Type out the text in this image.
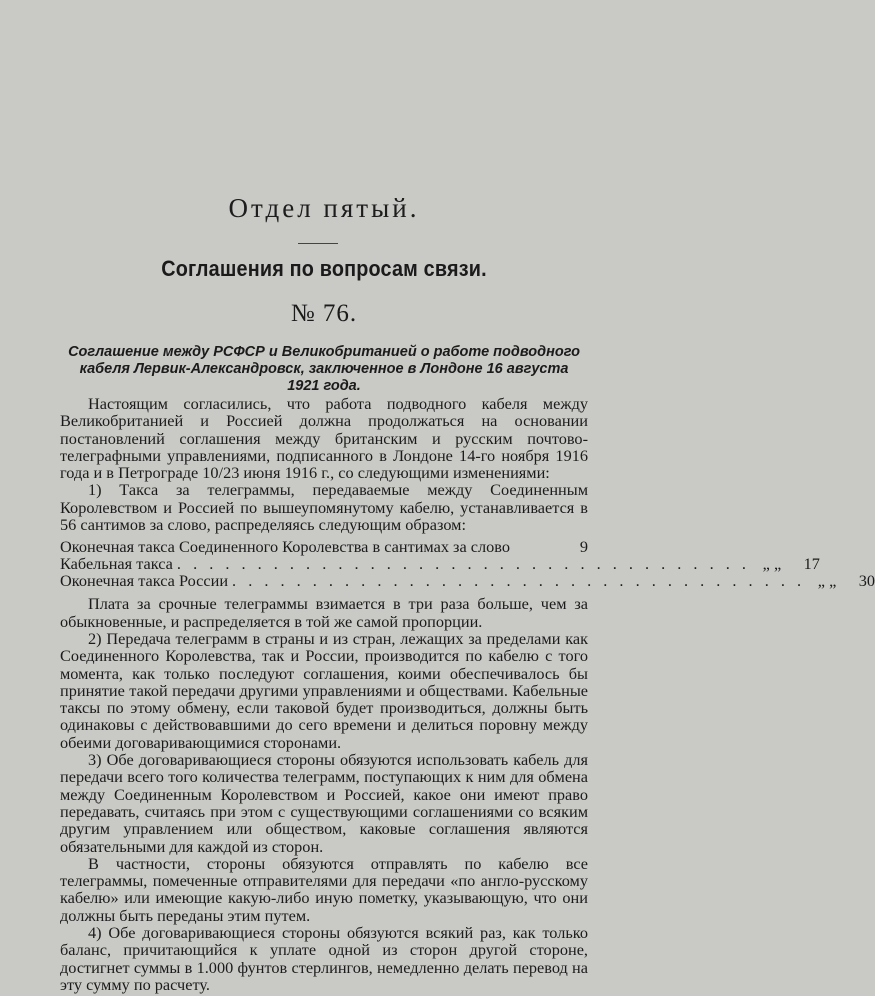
Отдел пятый.
Соглашения по вопросам связи.
№ 76.
Соглашение между РСФСР и Великобританией о работе подводного
кабеля Лервик-Александровск, заключенное в Лондоне 16 августа
1921 года.

Настоящим согласились, что работа подводного кабеля между Великобританией и Россией должна продолжаться на основании постановлений соглашения между британским и русским почтово-телеграфными управлениями, подписанного в Лондоне 14-го ноября 1916 года и в Петрограде 10/23 июня 1916 г., со следующими изменениями:

1) Такса за телеграммы, передаваемые между Соединенным Королевством и Россией по вышеупомянутому кабелю, устанавливается в 56 сантимов за слово, распределяясь следующим образом:

Оконечная такса Соединенного Королевства в сантимах за слово	9
Кабельная такса . . . . . . . . . . . . . . . . . . . . . . . . . . . . . . . . . . . . „ „	17
Оконечная такса России . . . . . . . . . . . . . . . . . . . . . . . . . . . . . . . . . . . . „ „	30

Плата за срочные телеграммы взимается в три раза больше, чем за обыкновенные, и распределяется в той же самой пропорции.

2) Передача телеграмм в страны и из стран, лежащих за пределами как Соединенного Королевства, так и России, производится по кабелю с того момента, как только последуют соглашения, коими обеспечивалось бы принятие такой передачи другими управлениями и обществами. Кабельные таксы по этому обмену, если таковой будет производиться, должны быть одинаковы с действовавшими до сего времени и делиться поровну между обеими договаривающимися сторонами.

3) Обе договаривающиеся стороны обязуются использовать кабель для передачи всего того количества телеграмм, поступающих к ним для обмена между Соединенным Королевством и Россией, какое они имеют право передавать, считаясь при этом с существующими соглашениями со всяким другим управлением или обществом, каковые соглашения являются обязательными для каждой из сторон.

В частности, стороны обязуются отправлять по кабелю все телеграммы, помеченные отправителями для передачи «по англо-русскому кабелю» или имеющие какую-либо иную пометку, указывающую, что они должны быть переданы этим путем.

4) Обе договаривающиеся стороны обязуются всякий раз, как только баланс, причитающийся к уплате одной из сторон другой стороне, достигнет суммы в 1.000 фунтов стерлингов, немедленно делать перевод на эту сумму по расчету.
